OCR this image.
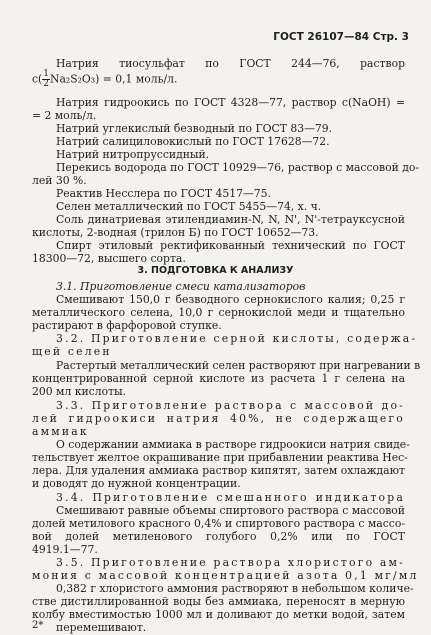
ГОСТ 26107—84 Стр. 3
Натрия тиосульфат по ГОСТ 244—76, раствор
$c( \frac{1}{2} Na_2S_2O_3) = 0,1$ моль/л.
Натрия гидроокись по ГОСТ 4328—77, раствор c(NaOH) =
= 2 моль/л.
Натрий углекислый безводный по ГОСТ 83—79.
Натрий салициловокислый по ГОСТ 17628—72.
Натрий нитропруссидный.
Перекись водорода по ГОСТ 10929—76, раствор с массовой до-
лей 30 %.
Реактив Несслера по ГОСТ 4517—75.
Селен металлический по ГОСТ 5455—74, х. ч.
Соль динатриевая этилендиамин-N, N, N', N'-тетрауксусной
кислоты, 2-водная (трилон Б) по ГОСТ 10652—73.
Спирт этиловый ректификованный технический по ГОСТ
18300—72, высшего сорта.
3. ПОДГОТОВКА К АНАЛИЗУ
3.1. Приготовление смеси катализаторов
Смешивают 150,0 г безводного сернокислого калия; 0,25 г
металлического селена, 10,0 г сернокислой меди и тщательно
растирают в фарфоровой ступке.
3.2. Приготовление серной кислоты, содержа-
щей селен
Растертый металлический селен растворяют при нагревании в
концентрированной серной кислоте из расчета 1 г селена на
200 мл кислоты.
3.3. Приготовление раствора с массовой до-
лей гидроокиси натрия 40%, не содержащего
аммиак
О содержании аммиака в растворе гидроокиси натрия свиде-
тельствует желтое окрашивание при прибавлении реактива Нес-
лера. Для удаления аммиака раствор кипятят, затем охлаждают
и доводят до нужной концентрации.
3.4. Приготовление смешанного индикатора
Смешивают равные объемы спиртового раствора с массовой
долей метилового красного 0,4% и спиртового раствора с массо-
вой долей метиленового голубого 0,2% или по ГОСТ
4919.1—77.
3.5. Приготовление раствора хлористого ам-
мония с массовой концентрацией азота 0,1 мг/мл
0,382 г хлористого аммония растворяют в небольшом количе-
стве дистиллированной воды без аммиака, переносят в мерную
колбу вместимостью 1000 мл и доливают до метки водой, затем
перемешивают.
2*
